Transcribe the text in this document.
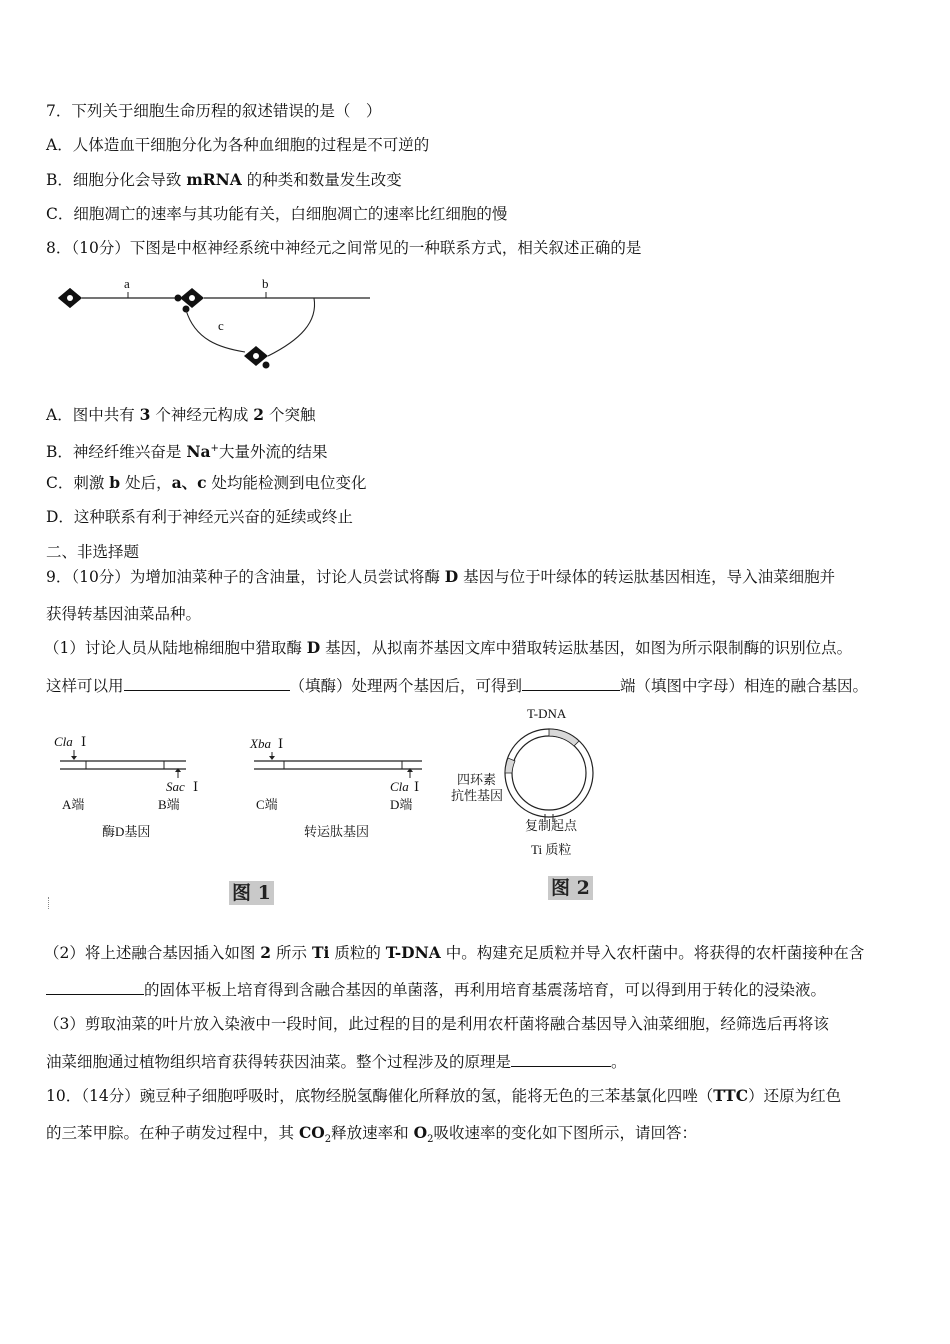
7．下列关于细胞生命历程的叙述错误的是（　）
A．人体造血干细胞分化为各种血细胞的过程是不可逆的
B．细胞分化会导致 mRNA 的种类和数量发生改变
C．细胞凋亡的速率与其功能有关，白细胞凋亡的速率比红细胞的慢
8．（10分）下图是中枢神经系统中神经元之间常见的一种联系方式，相关叙述正确的是
a	b
c
A．图中共有 3 个神经元构成 2 个突触
B．神经纤维兴奋是 Na+大量外流的结果
C．刺激 b 处后，a、c 处均能检测到电位变化
D．这种联系有利于神经元兴奋的延续或终止
二、非选择题
9．（10分）为增加油菜种子的含油量，讨论人员尝试将酶 D 基因与位于叶绿体的转运肽基因相连，导入油菜细胞并
获得转基因油菜品种。
（1）讨论人员从陆地棉细胞中猎取酶 D 基因，从拟南芥基因文库中猎取转运肽基因，如图为所示限制酶的识别位点。
这样可以用	（填酶）处理两个基因后，可得到	端（填图中字母）相连的融合基因。
Cla Ⅰ
Sac Ⅰ
A端	B端
酶D基因
Xba Ⅰ
Cla Ⅰ
C端	D端
转运肽基因
图 1
T-DNA
四环素
抗性基因
复制起点
Ti 质粒
图 2
（2）将上述融合基因插入如图 2 所示 Ti 质粒的 T-DNA 中。构建充足质粒并导入农杆菌中。将获得的农杆菌接种在含
的固体平板上培育得到含融合基因的单菌落，再利用培育基震荡培育，可以得到用于转化的浸染液。
（3）剪取油菜的叶片放入染液中一段时间，此过程的目的是利用农杆菌将融合基因导入油菜细胞，经筛选后再将该
油菜细胞通过植物组织培育获得转获因油菜。整个过程涉及的原理是	。
10．（14分）豌豆种子细胞呼吸时，底物经脱氢酶催化所释放的氢，能将无色的三苯基氯化四唑（TTC）还原为红色
的三苯甲腙。在种子萌发过程中，其 $CO_2$释放速率和 $O_2$吸收速率的变化如下图所示，请回答：
